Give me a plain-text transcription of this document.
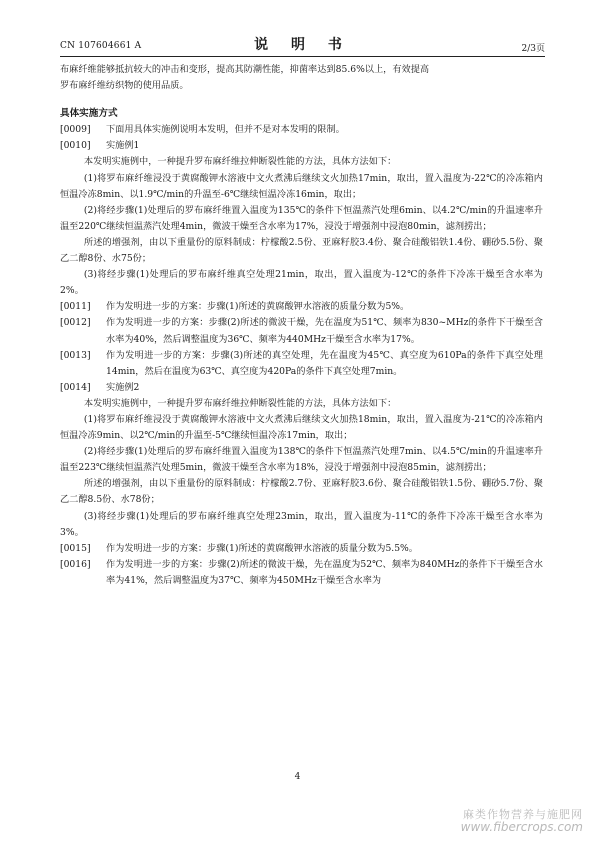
CN 107604661 A	说 明 书	2/3页

布麻纤维能够抵抗较大的冲击和变形，提高其防潮性能，抑菌率达到85.6%以上，有效提高

罗布麻纤维纺织物的使用品质。

具体实施方式

[0009]	下面用具体实施例说明本发明，但并不是对本发明的限制。
[0010]	实施例1

本发明实施例中，一种提升罗布麻纤维拉伸断裂性能的方法，具体方法如下：

(1)将罗布麻纤维浸没于黄腐酸钾水溶液中文火煮沸后继续文火加热17min，取出，置入温度为-22℃的冷冻箱内恒温冷冻8min、以1.9℃/min的升温至-6℃继续恒温冷冻16min，取出；

(2)将经步骤(1)处理后的罗布麻纤维置入温度为135℃的条件下恒温蒸汽处理6min、以4.2℃/min的升温速率升温至220℃继续恒温蒸汽处理4min，微波干燥至含水率为17%，浸没于增强剂中浸泡80min，滤剂捞出；

所述的增强剂，由以下重量份的原料制成：柠檬酸2.5份、亚麻籽胶3.4份、聚合硅酸铝铁1.4份、硼砂5.5份、聚乙二醇8份、水75份；

(3)将经步骤(1)处理后的罗布麻纤维真空处理21min，取出，置入温度为-12℃的条件下冷冻干燥至含水率为2%。

[0011]	作为发明进一步的方案：步骤(1)所述的黄腐酸钾水溶液的质量分数为5%。
[0012]	作为发明进一步的方案：步骤(2)所述的微波干燥，先在温度为51℃、频率为830~MHz的条件下干燥至含水率为40%，然后调整温度为36℃、频率为440MHz干燥至含水率为17%。
[0013]	作为发明进一步的方案：步骤(3)所述的真空处理，先在温度为45℃、真空度为610Pa的条件下真空处理14min，然后在温度为63℃、真空度为420Pa的条件下真空处理7min。
[0014]	实施例2

本发明实施例中，一种提升罗布麻纤维拉伸断裂性能的方法，具体方法如下：

(1)将罗布麻纤维浸没于黄腐酸钾水溶液中文火煮沸后继续文火加热18min，取出，置入温度为-21℃的冷冻箱内恒温冷冻9min、以2℃/min的升温至-5℃继续恒温冷冻17min，取出；

(2)将经步骤(1)处理后的罗布麻纤维置入温度为138℃的条件下恒温蒸汽处理7min、以4.5℃/min的升温速率升温至223℃继续恒温蒸汽处理5min，微波干燥至含水率为18%，浸没于增强剂中浸泡85min，滤剂捞出；

所述的增强剂，由以下重量份的原料制成：柠檬酸2.7份、亚麻籽胶3.6份、聚合硅酸铝铁1.5份、硼砂5.7份、聚乙二醇8.5份、水78份；

(3)将经步骤(1)处理后的罗布麻纤维真空处理23min，取出，置入温度为-11℃的条件下冷冻干燥至含水率为3%。

[0015]	作为发明进一步的方案：步骤(1)所述的黄腐酸钾水溶液的质量分数为5.5%。
[0016]	作为发明进一步的方案：步骤(2)所述的微波干燥，先在温度为52℃、频率为840MHz的条件下干燥至含水率为41%，然后调整温度为37℃、频率为450MHz干燥至含水率为
4
麻类作物营养与施肥网
www.fibercrops.com
